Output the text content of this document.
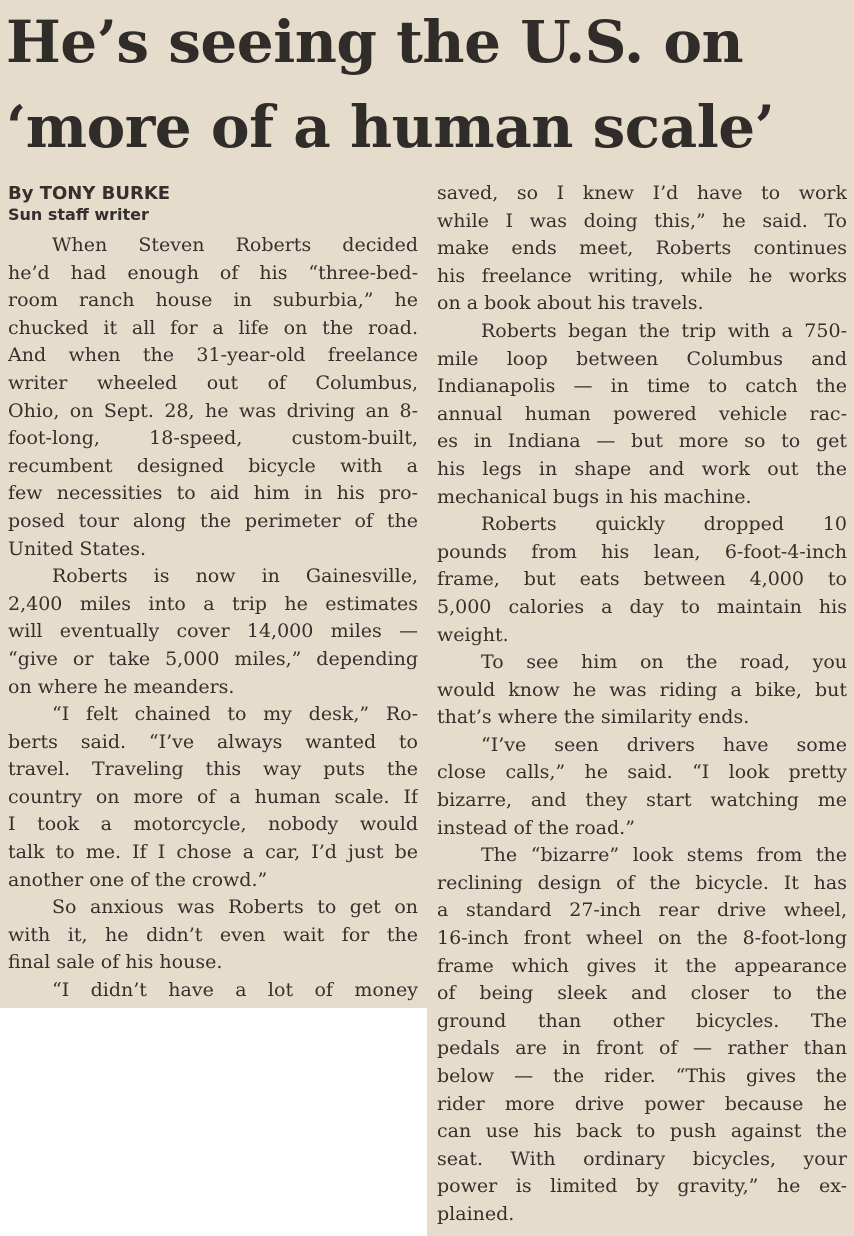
He’s seeing the U.S. on
‘more of a human scale’
By TONY BURKE
Sun staff writer
When Steven Roberts decided
he’d had enough of his “three-bed-
room ranch house in suburbia,” he
chucked it all for a life on the road.
And when the 31-year-old freelance
writer wheeled out of Columbus,
Ohio, on Sept. 28, he was driving an 8-
foot-long, 18-speed, custom-built,
recumbent designed bicycle with a
few necessities to aid him in his pro-
posed tour along the perimeter of the
United States.
Roberts is now in Gainesville,
2,400 miles into a trip he estimates
will eventually cover 14,000 miles —
“give or take 5,000 miles,” depending
on where he meanders.
“I felt chained to my desk,” Ro-
berts said. “I’ve always wanted to
travel. Traveling this way puts the
country on more of a human scale. If
I took a motorcycle, nobody would
talk to me. If I chose a car, I’d just be
another one of the crowd.”
So anxious was Roberts to get on
with it, he didn’t even wait for the
final sale of his house.
“I didn’t have a lot of money
saved, so I knew I’d have to work
while I was doing this,” he said. To
make ends meet, Roberts continues
his freelance writing, while he works
on a book about his travels.
Roberts began the trip with a 750-
mile loop between Columbus and
Indianapolis — in time to catch the
annual human powered vehicle rac-
es in Indiana — but more so to get
his legs in shape and work out the
mechanical bugs in his machine.
Roberts quickly dropped 10
pounds from his lean, 6-foot-4-inch
frame, but eats between 4,000 to
5,000 calories a day to maintain his
weight.
To see him on the road, you
would know he was riding a bike, but
that’s where the similarity ends.
“I’ve seen drivers have some
close calls,” he said. “I look pretty
bizarre, and they start watching me
instead of the road.”
The “bizarre” look stems from the
reclining design of the bicycle. It has
a standard 27-inch rear drive wheel,
16-inch front wheel on the 8-foot-long
frame which gives it the appearance
of being sleek and closer to the
ground than other bicycles. The
pedals are in front of — rather than
below — the rider. “This gives the
rider more drive power because he
can use his back to push against the
seat. With ordinary bicycles, your
power is limited by gravity,” he ex-
plained.
